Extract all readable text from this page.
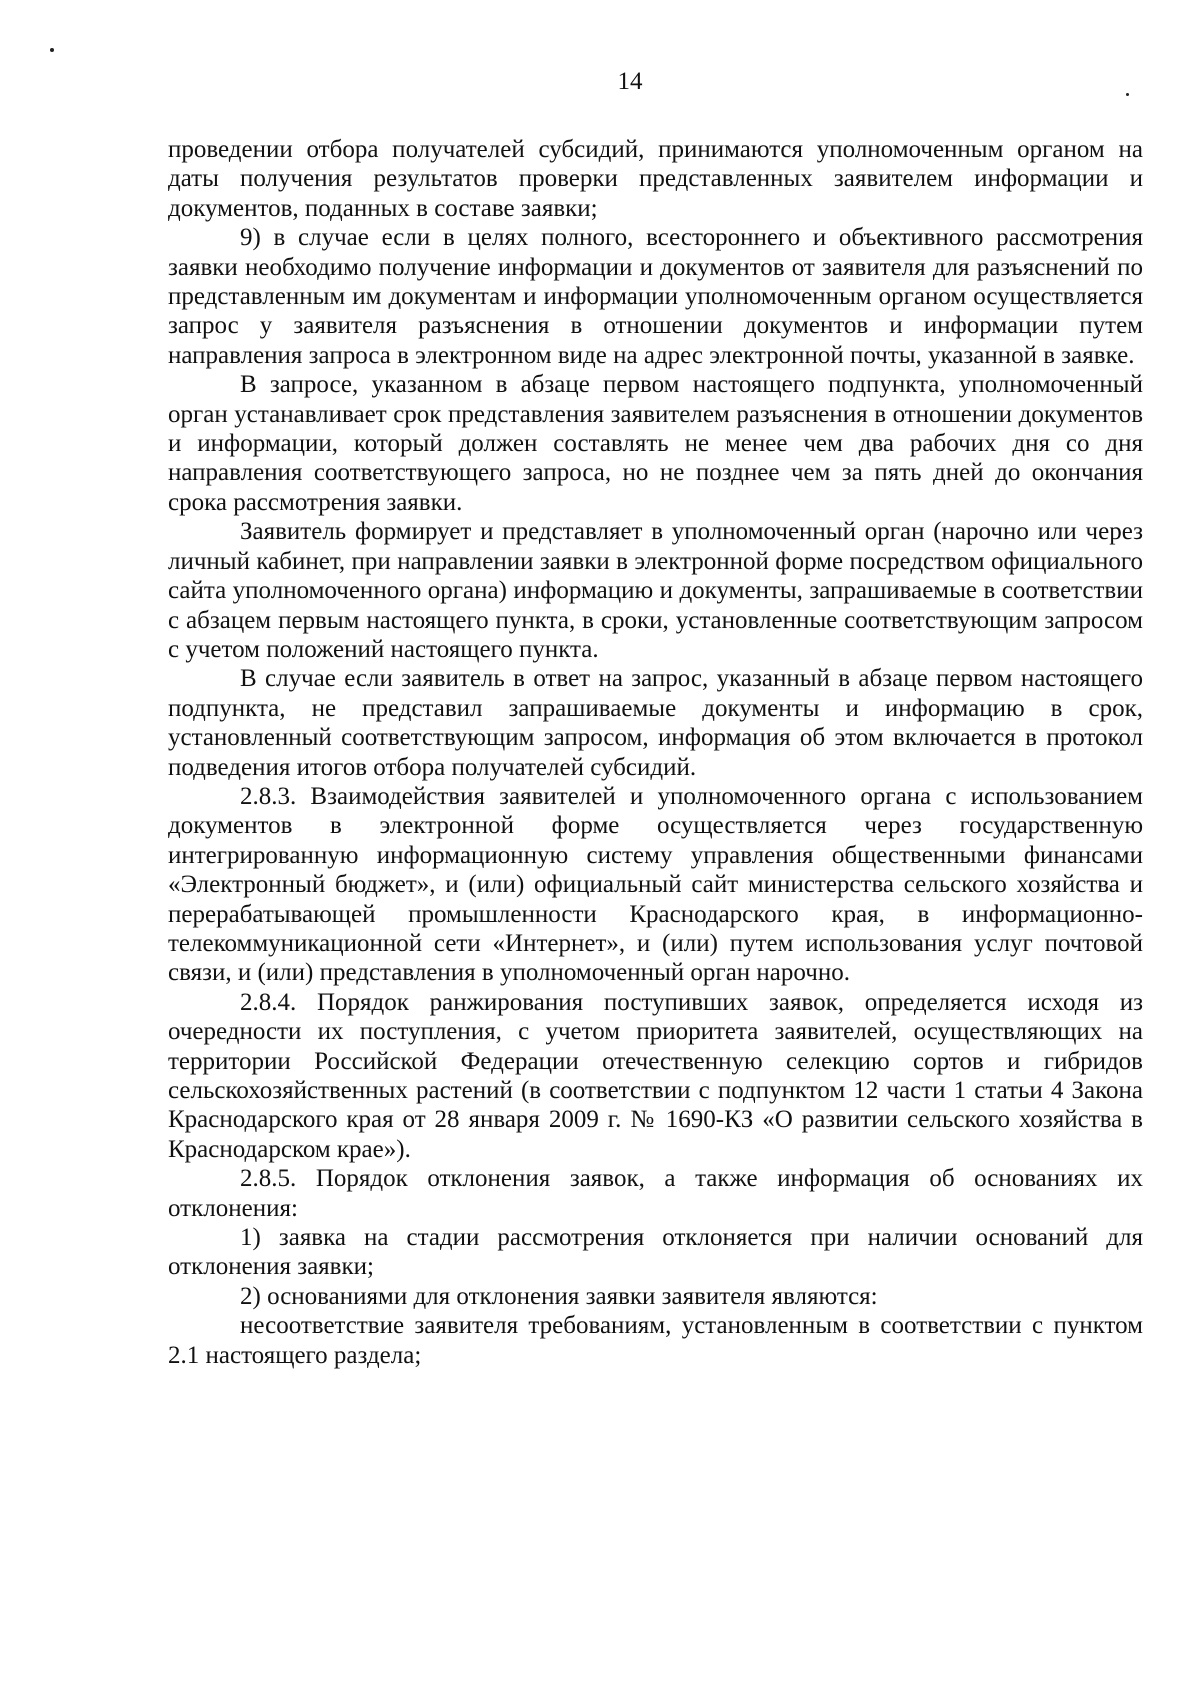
14

проведении отбора получателей субсидий, принимаются уполномоченным органом на даты получения результатов проверки представленных заявителем информации и документов, поданных в составе заявки;

9) в случае если в целях полного, всестороннего и объективного рассмотрения заявки необходимо получение информации и документов от заявителя для разъяснений по представленным им документам и информации уполномоченным органом осуществляется запрос у заявителя разъяснения в отношении документов и информации путем направления запроса в электронном виде на адрес электронной почты, указанной в заявке.

В запросе, указанном в абзаце первом настоящего подпункта, уполномоченный орган устанавливает срок представления заявителем разъяснения в отношении документов и информации, который должен составлять не менее чем два рабочих дня со дня направления соответствующего запроса, но не позднее чем за пять дней до окончания срока рассмотрения заявки.

Заявитель формирует и представляет в уполномоченный орган (нарочно или через личный кабинет, при направлении заявки в электронной форме посредством официального сайта уполномоченного органа) информацию и документы, запрашиваемые в соответствии с абзацем первым настоящего пункта, в сроки, установленные соответствующим запросом с учетом положений настоящего пункта.

В случае если заявитель в ответ на запрос, указанный в абзаце первом настоящего подпункта, не представил запрашиваемые документы и информацию в срок, установленный соответствующим запросом, информация об этом включается в протокол подведения итогов отбора получателей субсидий.

2.8.3. Взаимодействия заявителей и уполномоченного органа с использованием документов в электронной форме осуществляется через государственную интегрированную информационную систему управления общественными финансами «Электронный бюджет», и (или) официальный сайт министерства сельского хозяйства и перерабатывающей промышленности Краснодарского края, в информационно-телекоммуникационной сети «Интернет», и (или) путем использования услуг почтовой связи, и (или) представления в уполномоченный орган нарочно.

2.8.4. Порядок ранжирования поступивших заявок, определяется исходя из очередности их поступления, с учетом приоритета заявителей, осуществляющих на территории Российской Федерации отечественную селекцию сортов и гибридов сельскохозяйственных растений (в соответствии с подпунктом 12 части 1 статьи 4 Закона Краснодарского края от 28 января 2009 г. № 1690-КЗ «О развитии сельского хозяйства в Краснодарском крае»).

2.8.5. Порядок отклонения заявок, а также информация об основаниях их отклонения:

1) заявка на стадии рассмотрения отклоняется при наличии оснований для отклонения заявки;

2) основаниями для отклонения заявки заявителя являются:

несоответствие заявителя требованиям, установленным в соответствии с пунктом 2.1 настоящего раздела;
